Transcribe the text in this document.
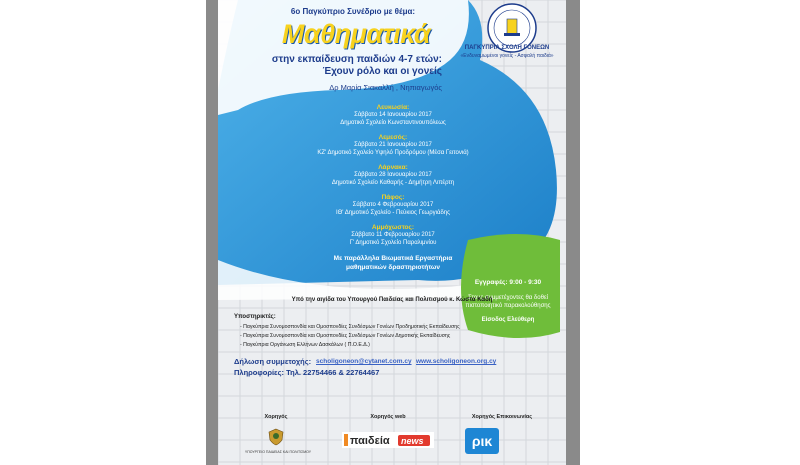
ΠΑΓΚΥΠΡΙΑ ΣΧΟΛΗ ΓΟΝΕΩΝ
«Ενδυναμωμένοι γονείς - Ασφαλή παιδιά»
6ο Παγκύπριο Συνέδριο με θέμα:
Μαθηματικά
στην εκπαίδευση παιδιών 4-7 ετών:
Έχουν ρόλο και οι γονείς
Δρ Μαρία Σιακαλλή , Νηπιαγωγός
Λευκωσία:
Σάββατο 14 Ιανουαρίου 2017
Δημοτικό Σχολείο Κωνσταντινουπόλεως
Λεμεσός:
Σάββατο 21 Ιανουαρίου 2017
ΚΖ' Δημοτικό Σχολείο Υψηλό Προδρόμου (Μέσα Γειτονιά)
Λάρνακα:
Σάββατο 28 Ιανουαρίου 2017
Δημοτικό Σχολείο Καθαρής - Δημήτρη Λιπέρτη
Πάφος:
Σάββατο 4 Φεβρουαρίου 2017
ΙΘ' Δημοτικό Σχολείο - Πεύκιος Γεωργιάδης
Αμμόχωστος:
Σάββατο 11 Φεβρουαρίου 2017
Γ' Δημοτικό Σχολείο Παραλιμνίου
Με παράλληλα Βιωματικά Εργαστήρια
μαθηματικών δραστηριοτήτων
Εγγραφές: 9:00 - 9:30
Στους συμμετέχοντες θα δοθεί
πιστοποιητικό παρακολούθησης
Είσοδος Ελεύθερη
Υπό την αιγίδα του Υπουργού Παιδείας και Πολιτισμού κ. Κώστα Καδή
Υποστηρικτές:
- Παγκύπρια Συνομοσπονδία και Ομοσπονδίες Συνδέσμων Γονέων Προδημοτικής Εκπαίδευσης
- Παγκύπρια Συνομοσπονδία και Ομοσπονδίες Συνδέσμων Γονέων Δημοτικής Εκπαίδευσης
- Παγκύπρια Οργάνωση Ελλήνων Δασκάλων ( Π.Ο.Ε.Δ.)
Δήλωση συμμετοχής: scholigoneon@cytanet.com.cy www.scholigoneon.org.cy
Πληροφορίες: Τηλ. 22754466 & 22764467
Χορηγός	Χορηγός web	Χορηγός Επικοινωνίας
ΥΠΟΥΡΓΕΙΟ ΠΑΙΔΕΙΑΣ ΚΑΙ ΠΟΛΙΤΙΣΜΟΥ
παιδεία news	ρικ
